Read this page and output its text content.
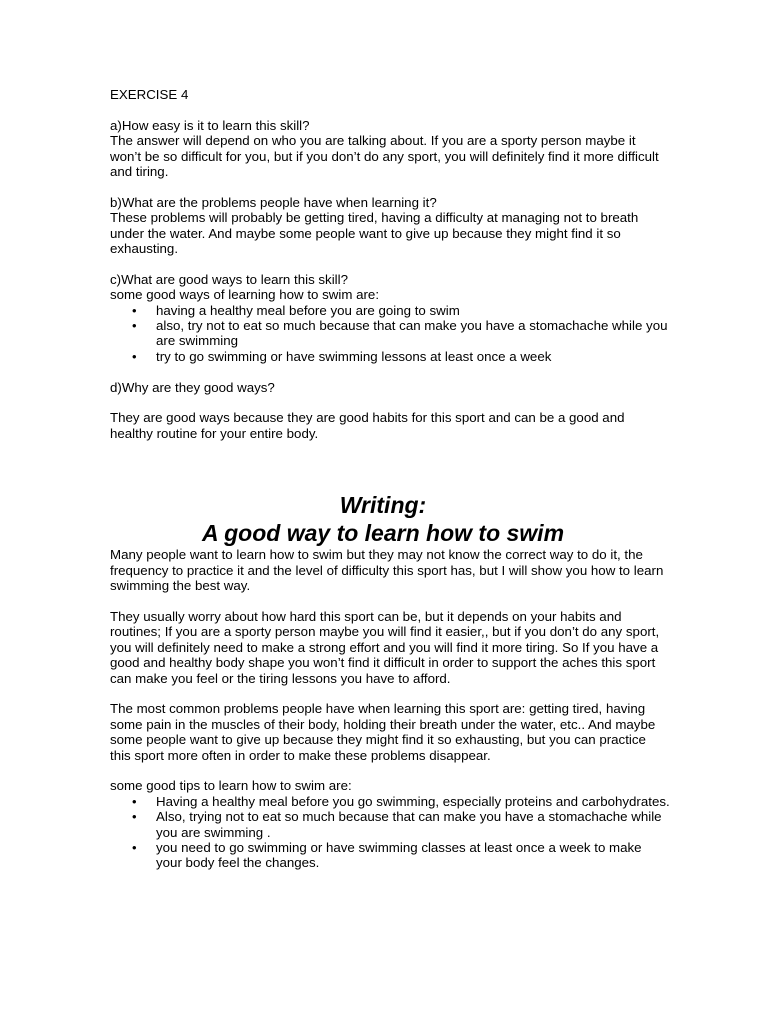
EXERCISE 4

a)How easy is it to learn this skill?

The answer will depend on who you are talking about. If you are a sporty person maybe it won’t be so difficult for you, but if you don’t do any sport, you will definitely find it more difficult and tiring.

b)What are the problems people have when learning it?

These problems will probably be getting tired, having a difficulty at managing not to breath under the water. And maybe some people want to give up because they might find it so exhausting.

c)What are good ways to learn this skill?

some good ways of learning how to swim are:

• having a healthy meal before you are going to swim
• also, try not to eat so much because that can make you have a stomachache while you are swimming
• try to go swimming or have swimming lessons at least once a week

d)Why are they good ways?

They are good ways because they are good habits for this sport and can be a good and healthy routine for your entire body.

Writing:
A good way to learn how to swim

Many people want to learn how to swim but they may not know the correct way to do it, the frequency to practice it and the level of difficulty this sport has, but I will show you how to learn swimming the best way.

They usually worry about how hard this sport can be, but it depends on your habits and routines; If you are a sporty person maybe you will find it easier,, but if you don’t do any sport, you will definitely need to make a strong effort and you will find it more tiring. So If you have a good and healthy body shape you won’t find it difficult in order to support the aches this sport can make you feel or the tiring lessons you have to afford.

The most common problems people have when learning this sport are: getting tired, having some pain in the muscles of their body, holding their breath under the water, etc.. And maybe some people want to give up because they might find it so exhausting, but you can practice this sport more often in order to make these problems disappear.

some good tips to learn how to swim are:

• Having a healthy meal before you go swimming, especially proteins and carbohydrates.
• Also, trying not to eat so much because that can make you have a stomachache while you are swimming .
• you need to go swimming or have swimming classes at least once a week to make your body feel the changes.
